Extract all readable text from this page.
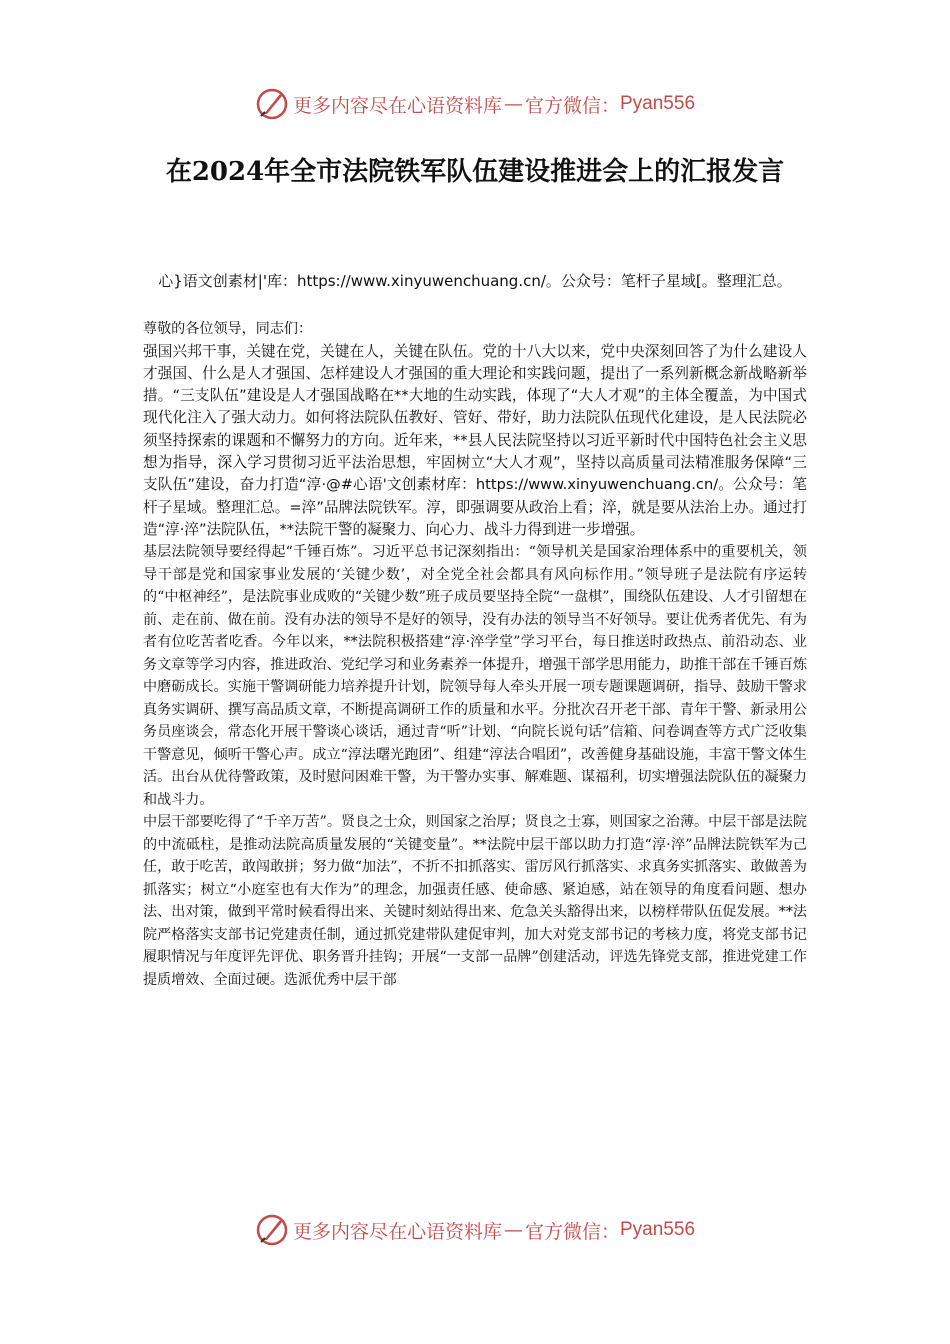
更多内容尽在心语资料库 — 官方微信： Pyan556
在2024年全市法院铁军队伍建设推进会上的汇报发言
心}语文创素材|'库：https://www.xinyuwenchuang.cn/。公众号：笔杆子星域[。整理汇总。

尊敬的各位领导，同志们：

强国兴邦干事，关键在党，关键在人，关键在队伍。党的十八大以来，党中央深刻回答了为什么建设人才强国、什么是人才强国、怎样建设人才强国的重大理论和实践问题，提出了一系列新概念新战略新举措。“三支队伍”建设是人才强国战略在**大地的生动实践，体现了“大人才观”的主体全覆盖，为中国式现代化注入了强大动力。如何将法院队伍教好、管好、带好，助力法院队伍现代化建设，是人民法院必须坚持探索的课题和不懈努力的方向。近年来，**县人民法院坚持以习近平新时代中国特色社会主义思想为指导，深入学习贯彻习近平法治思想，牢固树立“大人才观”，坚持以高质量司法精准服务保障“三支队伍”建设，奋力打造“淳·@#心语'文创素材库：https://www.xinyuwenchuang.cn/。公众号：笔杆子星域。整理汇总。=淬”品牌法院铁军。淳，即强调要从政治上看；淬，就是要从法治上办。通过打造“淳·淬”法院队伍，**法院干警的凝聚力、向心力、战斗力得到进一步增强。

基层法院领导要经得起“千锤百炼”。习近平总书记深刻指出：“领导机关是国家治理体系中的重要机关，领导干部是党和国家事业发展的‘关键少数’，对全党全社会都具有风向标作用。”领导班子是法院有序运转的“中枢神经”，是法院事业成败的“关键少数”班子成员要坚持全院“一盘棋”，围绕队伍建设、人才引留想在前、走在前、做在前。没有办法的领导不是好的领导，没有办法的领导当不好领导。要让优秀者优先、有为者有位吃苦者吃香。今年以来，**法院积极搭建“淳·淬学堂”学习平台，每日推送时政热点、前沿动态、业务文章等学习内容，推进政治、党纪学习和业务素养一体提升，增强干部学思用能力，助推干部在千锤百炼中磨砺成长。实施干警调研能力培养提升计划，院领导每人牵头开展一项专题课题调研，指导、鼓励干警求真务实调研、撰写高品质文章，不断提高调研工作的质量和水平。分批次召开老干部、青年干警、新录用公务员座谈会，常态化开展干警谈心谈话，通过青“听”计划、“向院长说句话”信箱、问卷调查等方式广泛收集干警意见，倾听干警心声。成立“淳法曙光跑团”、组建“淳法合唱团”，改善健身基础设施，丰富干警文体生活。出台从优待警政策，及时慰问困难干警，为干警办实事、解难题、谋福利，切实增强法院队伍的凝聚力和战斗力。

中层干部要吃得了“千辛万苦”。贤良之士众，则国家之治厚；贤良之士寡，则国家之治薄。中层干部是法院的中流砥柱，是推动法院高质量发展的“关键变量”。**法院中层干部以助力打造“淳·淬”品牌法院铁军为己任，敢于吃苦，敢闯敢拼；努力做“加法”，不折不扣抓落实、雷厉风行抓落实、求真务实抓落实、敢做善为抓落实；树立“小庭室也有大作为”的理念，加强责任感、使命感、紧迫感，站在领导的角度看问题、想办法、出对策，做到平常时候看得出来、关键时刻站得出来、危急关头豁得出来，以榜样带队伍促发展。**法院严格落实支部书记党建责任制，通过抓党建带队建促审判，加大对党支部书记的考核力度，将党支部书记履职情况与年度评先评优、职务晋升挂钩；开展“一支部一品牌”创建活动，评选先锋党支部，推进党建工作提质增效、全面过硬。选派优秀中层干部

更多内容尽在心语资料库 — 官方微信： Pyan556
